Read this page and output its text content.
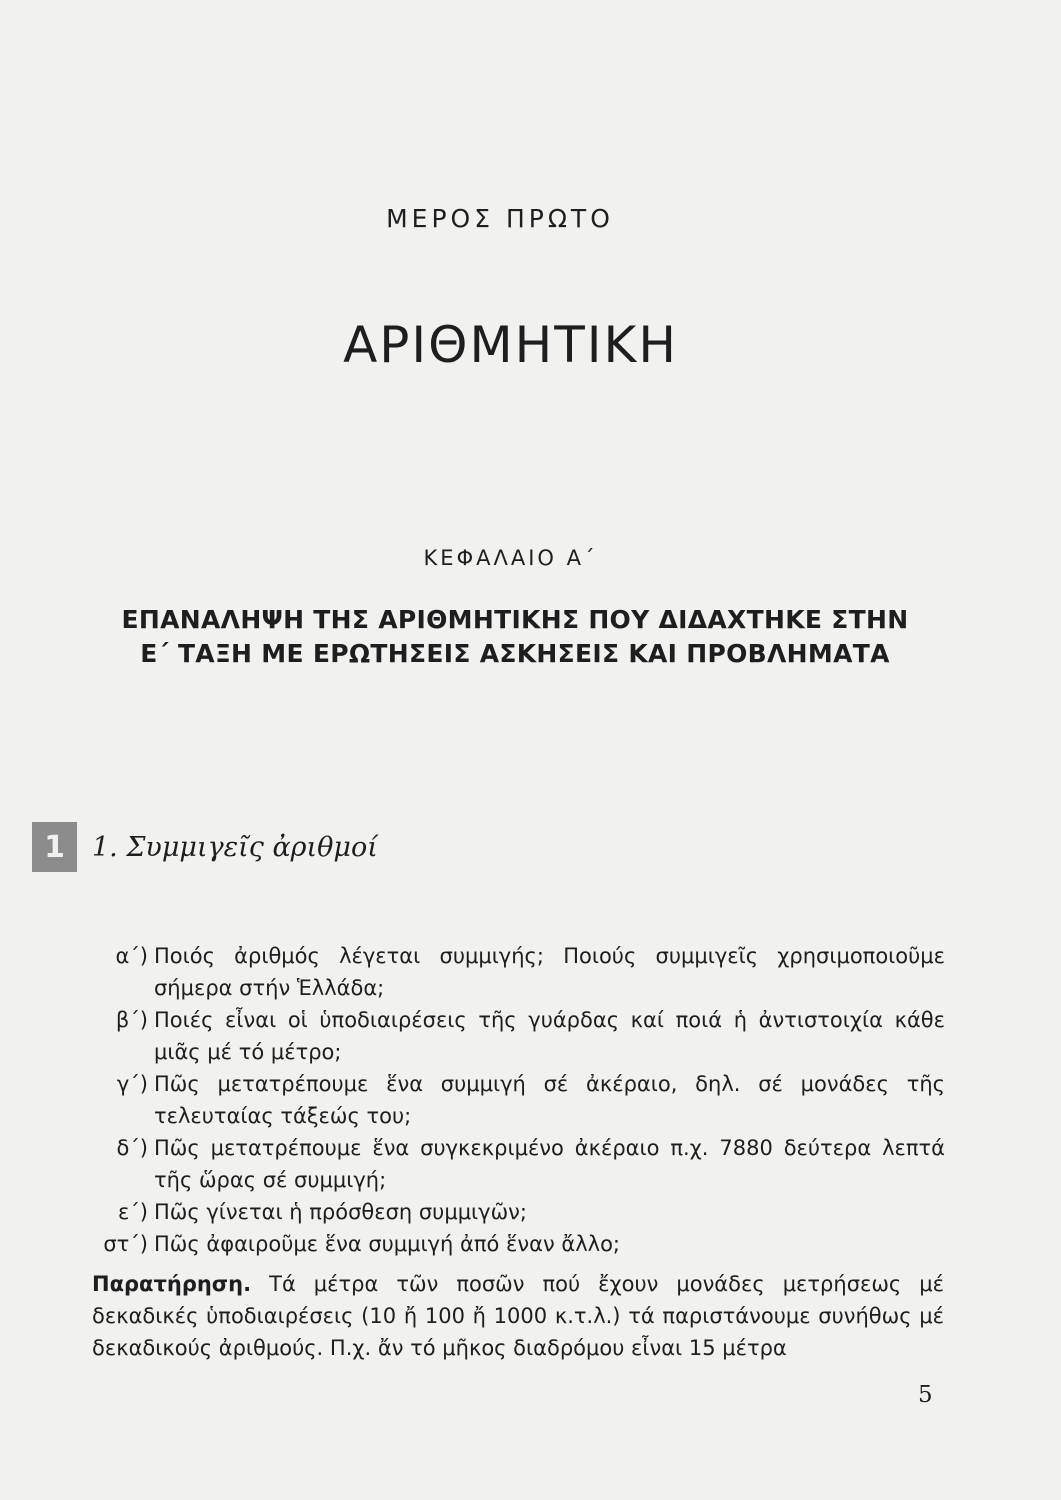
ΜΕΡΟΣ ΠΡΩΤΟ
ΑΡΙΘΜΗΤΙΚΗ
ΚΕΦΑΛΑΙΟ Α΄
ΕΠΑΝΑΛΗΨΗ ΤΗΣ ΑΡΙΘΜΗΤΙΚΗΣ ΠΟΥ ΔΙΔΑΧΤΗΚΕ ΣΤΗΝ
Ε΄ ΤΑΞΗ ΜΕ ΕΡΩΤΗΣΕΙΣ ΑΣΚΗΣΕΙΣ ΚΑΙ ΠΡΟΒΛΗΜΑΤΑ
1	1. Συμμιγεῖς ἀριθμοί
α΄) Ποιός ἀριθμός λέγεται συμμιγής; Ποιούς συμμιγεῖς χρησιμοποιοῦμε σήμερα στήν Ἑλλάδα;
β΄) Ποιές εἶναι οἱ ὑποδιαιρέσεις τῆς γυάρδας καί ποιά ἡ ἀντιστοιχία κάθε μιᾶς μέ τό μέτρο;
γ΄) Πῶς μετατρέπουμε ἕνα συμμιγή σέ ἀκέραιο, δηλ. σέ μονάδες τῆς τελευταίας τάξεώς του;
δ΄) Πῶς μετατρέπουμε ἕνα συγκεκριμένο ἀκέραιο π.χ. 7880 δεύτερα λεπτά τῆς ὥρας σέ συμμιγή;
ε΄) Πῶς γίνεται ἡ πρόσθεση συμμιγῶν;
στ΄) Πῶς ἀφαιροῦμε ἕνα συμμιγή ἀπό ἕναν ἄλλο;
Παρατήρηση. Τά μέτρα τῶν ποσῶν πού ἔχουν μονάδες μετρήσεως μέ δεκαδικές ὑποδιαιρέσεις (10 ἤ 100 ἤ 1000 κ.τ.λ.) τά παριστάνουμε συνήθως μέ δεκαδικούς ἀριθμούς. Π.χ. ἄν τό μῆκος διαδρόμου εἶναι 15 μέτρα
5
